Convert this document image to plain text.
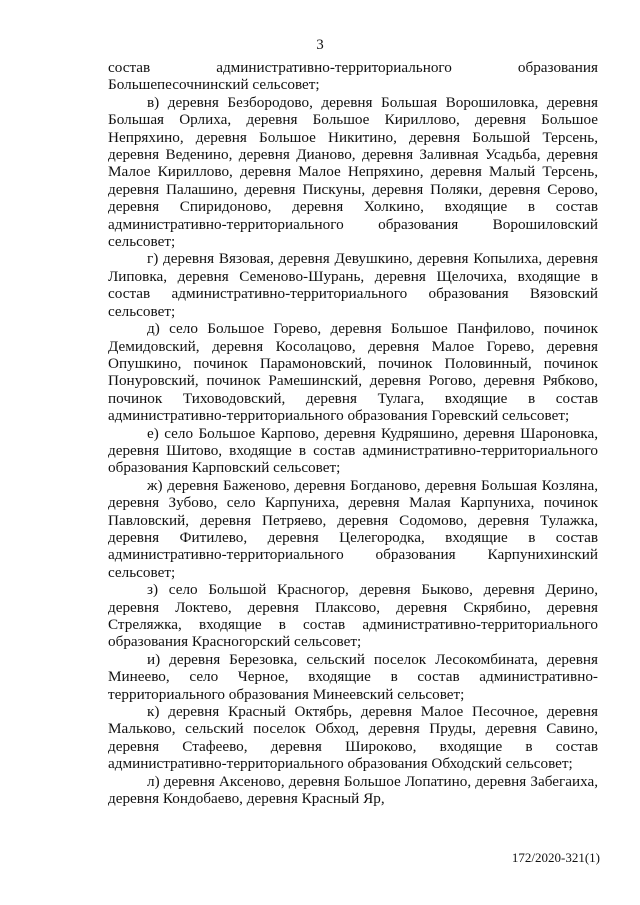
3

состав административно-территориального образования Большепесочнинский сельсовет;

в) деревня Безбородово, деревня Большая Ворошиловка, деревня Большая Орлиха, деревня Большое Кириллово, деревня Большое Непряхино, деревня Большое Никитино, деревня Большой Терсень, деревня Веденино, деревня Дианово, деревня Заливная Усадьба, деревня Малое Кириллово, деревня Малое Непряхино, деревня Малый Терсень, деревня Палашино, деревня Пискуны, деревня Поляки, деревня Серово, деревня Спиридоново, деревня Холкино, входящие в состав административно-территориального образования Ворошиловский сельсовет;

г) деревня Вязовая, деревня Девушкино, деревня Копылиха, деревня Липовка, деревня Семеново-Шурань, деревня Щелочиха, входящие в состав административно-территориального образования Вязовский сельсовет;

д) село Большое Горево, деревня Большое Панфилово, починок Демидовский, деревня Косолацово, деревня Малое Горево, деревня Опушкино, починок Парамоновский, починок Половинный, починок Понуровский, починок Рамешинский, деревня Рогово, деревня Рябково, починок Тиховодовский, деревня Тулага, входящие в состав административно-территориального образования Горевский сельсовет;

е) село Большое Карпово, деревня Кудряшино, деревня Шароновка, деревня Шитово, входящие в состав административно-территориального образования Карповский сельсовет;

ж) деревня Баженово, деревня Богданово, деревня Большая Козляна, деревня Зубово, село Карпуниха, деревня Малая Карпуниха, починок Павловский, деревня Петряево, деревня Содомово, деревня Тулажка, деревня Фитилево, деревня Целегородка, входящие в состав административно-территориального образования Карпунихинский сельсовет;

з) село Большой Красногор, деревня Быково, деревня Дерино, деревня Локтево, деревня Плаксово, деревня Скрябино, деревня Стреляжка, входящие в состав административно-территориального образования Красногорский сельсовет;

и) деревня Березовка, сельский поселок Лесокомбината, деревня Минеево, село Черное, входящие в состав административно-территориального образования Минеевский сельсовет;

к) деревня Красный Октябрь, деревня Малое Песочное, деревня Мальково, сельский поселок Обход, деревня Пруды, деревня Савино, деревня Стафеево, деревня Широково, входящие в состав административно-территориального образования Обходский сельсовет;

л) деревня Аксеново, деревня Большое Лопатино, деревня Забегаиха, деревня Кондобаево, деревня Красный Яр,

172/2020-321(1)
